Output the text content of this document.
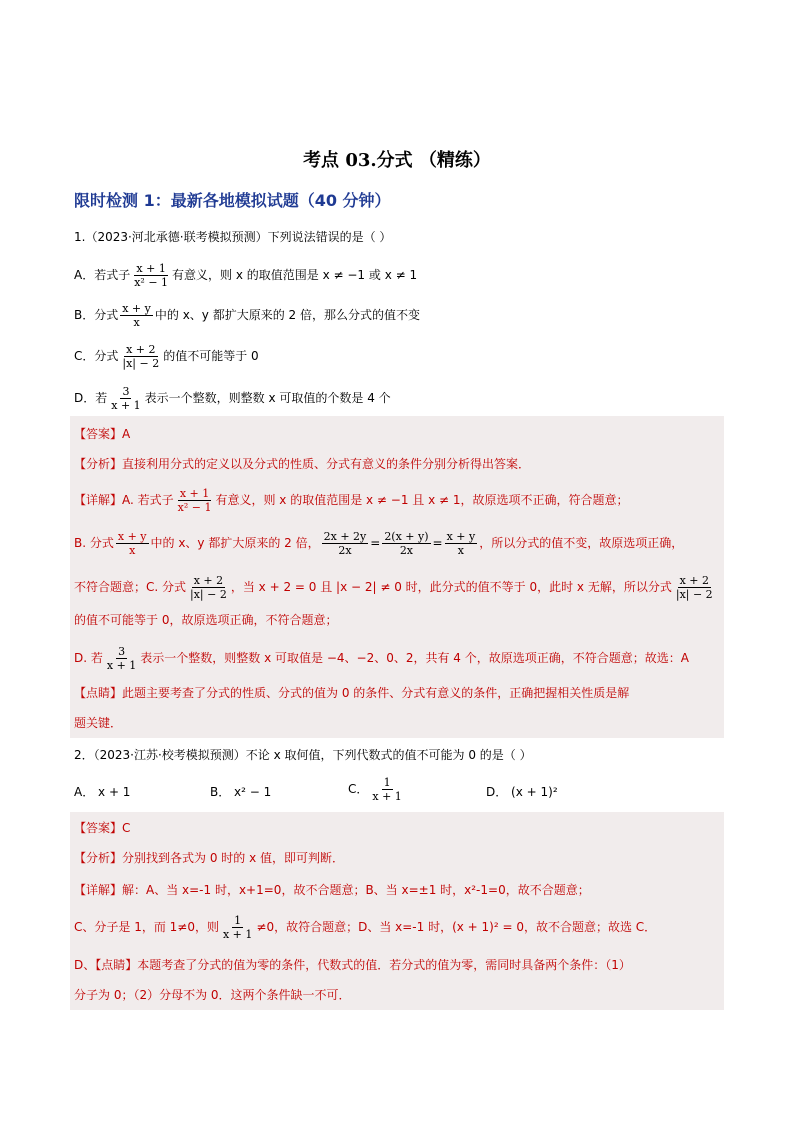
考点 03.分式 （精练）
限时检测 1：最新各地模拟试题（40 分钟）
1.（2023·河北承德·联考模拟预测）下列说法错误的是（ ）
A．若式子 $\frac{x + 1}{\text{x² − 1}}$ 有意义，则 x 的取值范围是 x ≠ −1 或 x ≠ 1
B．分式 $\frac{x + y}{x}$ 中的 x、y 都扩大原来的 2 倍，那么分式的值不变
C．分式 $\frac{x + 2}{|x| - 2}$ 的值不可能等于 0
D．若 $\frac{3}{x + 1}$ 表示一个整数，则整数 x 可取值的个数是 4 个
【答案】A
【分析】直接利用分式的定义以及分式的性质、分式有意义的条件分别分析得出答案．
【详解】A. 若式子 $\frac{x + 1}{\text{x² − 1}}$ 有意义，则 x 的取值范围是 x ≠ −1 且 x ≠ 1，故原选项不正确，符合题意；
B. 分式 $\frac{x + y}{x}$ 中的 x、y 都扩大原来的 2 倍， $\frac{2x + 2y}{2x} = \frac{2(x + y)}{2x} = \frac{x + y}{x}$ ，所以分式的值不变，故原选项正确，
不符合题意；C. 分式 $\frac{x + 2}{|x| - 2}$ ，当 x + 2 = 0 且 |x − 2| ≠ 0 时，此分式的值不等于 0，此时 x 无解，所以分式 $\frac{x + 2}{|x| - 2}$
的值不可能等于 0，故原选项正确，不符合题意；
D. 若 $\frac{3}{x + 1}$ 表示一个整数，则整数 x 可取值是 −4、−2、0、2，共有 4 个，故原选项正确，不符合题意；故选：A
【点睛】此题主要考查了分式的性质、分式的值为 0 的条件、分式有意义的条件，正确把握相关性质是解
题关键．
2．（2023·江苏·校考模拟预测）不论 x 取何值，下列代数式的值不可能为 0 的是（ ）
A． x + 1	B． x² − 1	C． $\frac{1}{x + 1}$	D． (x + 1)²
【答案】C
【分析】分别找到各式为 0 时的 x 值，即可判断．
【详解】解：A、当 x=-1 时，x+1=0，故不合题意；B、当 x=±1 时，x²-1=0，故不合题意；
C、分子是 1，而 1≠0，则 $\frac{1}{x + 1} \ne 0$，故符合题意；D、当 x=-1 时，(x + 1)² = 0，故不合题意；故选 C．
D、【点睛】本题考查了分式的值为零的条件，代数式的值．若分式的值为零，需同时具备两个条件：（1）
分子为 0；（2）分母不为 0．这两个条件缺一不可．
